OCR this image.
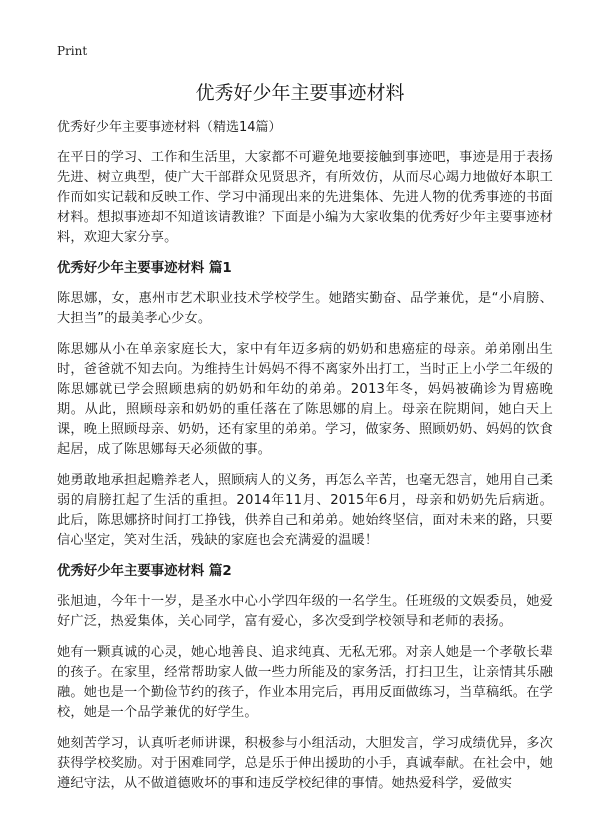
Print
优秀好少年主要事迹材料

优秀好少年主要事迹材料（精选14篇）

在平日的学习、工作和生活里，大家都不可避免地要接触到事迹吧，事迹是用于表扬先进、树立典型，使广大干部群众见贤思齐，有所效仿，从而尽心竭力地做好本职工作而如实记载和反映工作、学习中涌现出来的先进集体、先进人物的优秀事迹的书面材料。想拟事迹却不知道该请教谁？下面是小编为大家收集的优秀好少年主要事迹材料，欢迎大家分享。

优秀好少年主要事迹材料 篇1

陈思娜，女，惠州市艺术职业技术学校学生。她踏实勤奋、品学兼优，是“小肩膀、大担当”的最美孝心少女。

陈思娜从小在单亲家庭长大，家中有年迈多病的奶奶和患癌症的母亲。弟弟刚出生时，爸爸就不知去向。为维持生计妈妈不得不离家外出打工，当时正上小学二年级的陈思娜就已学会照顾患病的奶奶和年幼的弟弟。2013年冬，妈妈被确诊为胃癌晚期。从此，照顾母亲和奶奶的重任落在了陈思娜的肩上。母亲在院期间，她白天上课，晚上照顾母亲、奶奶，还有家里的弟弟。学习，做家务、照顾奶奶、妈妈的饮食起居，成了陈思娜每天必须做的事。

她勇敢地承担起赡养老人，照顾病人的义务，再怎么辛苦，也毫无怨言，她用自己柔弱的肩膀扛起了生活的重担。2014年11月、2015年6月，母亲和奶奶先后病逝。此后，陈思娜挤时间打工挣钱，供养自己和弟弟。她始终坚信，面对未来的路，只要信心坚定，笑对生活，残缺的家庭也会充满爱的温暖！

优秀好少年主要事迹材料 篇2

张旭迪，今年十一岁，是圣水中心小学四年级的一名学生。任班级的文娱委员，她爱好广泛，热爱集体，关心同学，富有爱心，多次受到学校领导和老师的表扬。

她有一颗真诚的心灵，她心地善良、追求纯真、无私无邪。对亲人她是一个孝敬长辈的孩子。在家里，经常帮助家人做一些力所能及的家务活，打扫卫生，让亲情其乐融融。她也是一个勤俭节约的孩子，作业本用完后，再用反面做练习，当草稿纸。在学校，她是一个品学兼优的好学生。

她刻苦学习，认真听老师讲课，积极参与小组活动，大胆发言，学习成绩优异，多次获得学校奖励。对于困难同学，总是乐于伸出援助的小手，真诚奉献。在社会中，她遵纪守法，从不做道德败坏的事和违反学校纪律的事情。她热爱科学，爱做实
